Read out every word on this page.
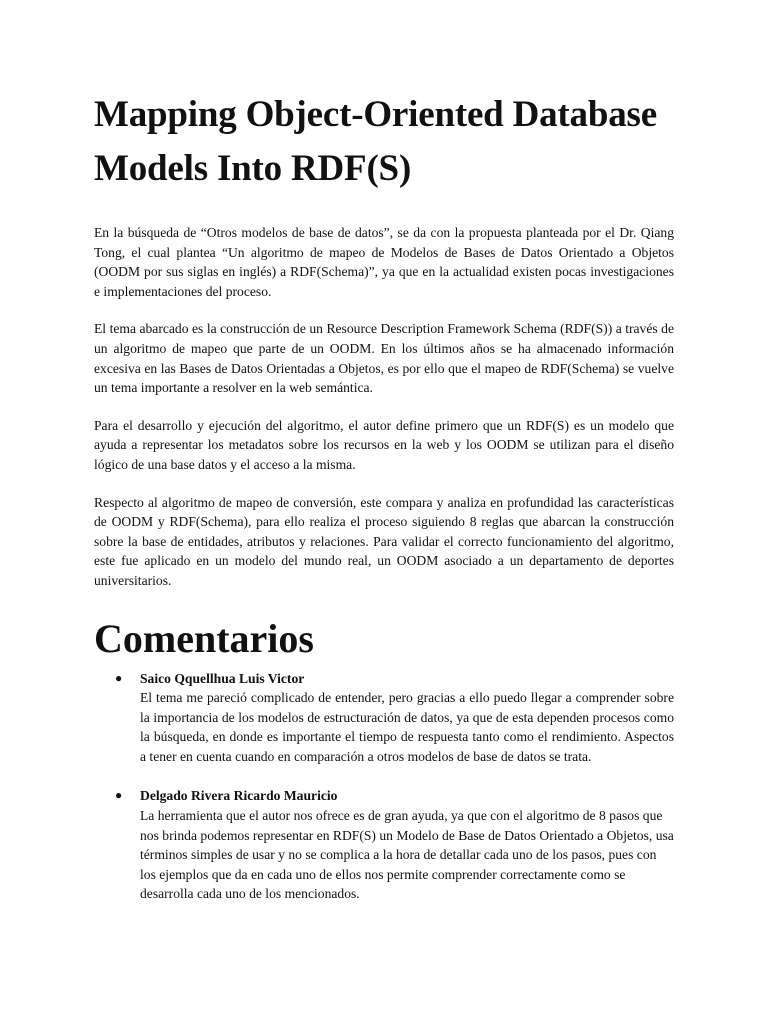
Mapping Object-Oriented Database Models Into RDF(S)

En la búsqueda de “Otros modelos de base de datos”, se da con la propuesta planteada por el Dr. Qiang Tong, el cual plantea “Un algoritmo de mapeo de Modelos de Bases de Datos Orientado a Objetos (OODM por sus siglas en inglés) a RDF(Schema)”, ya que en la actualidad existen pocas investigaciones e implementaciones del proceso.

El tema abarcado es la construcción de un Resource Description Framework Schema (RDF(S)) a través de un algoritmo de mapeo que parte de un OODM. En los últimos años se ha almacenado información excesiva en las Bases de Datos Orientadas a Objetos, es por ello que el mapeo de RDF(Schema) se vuelve un tema importante a resolver en la web semántica.

Para el desarrollo y ejecución del algoritmo, el autor define primero que un RDF(S) es un modelo que ayuda a representar los metadatos sobre los recursos en la web y los OODM se utilizan para el diseño lógico de una base datos y el acceso a la misma.

Respecto al algoritmo de mapeo de conversión, este compara y analiza en profundidad las características de OODM y RDF(Schema), para ello realiza el proceso siguiendo 8 reglas que abarcan la construcción sobre la base de entidades, atributos y relaciones. Para validar el correcto funcionamiento del algoritmo, este fue aplicado en un modelo del mundo real, un OODM asociado a un departamento de deportes universitarios.

Comentarios
● Saico Qquellhua Luis Victor
El tema me pareció complicado de entender, pero gracias a ello puedo llegar a comprender sobre la importancia de los modelos de estructuración de datos, ya que de esta dependen procesos como la búsqueda, en donde es importante el tiempo de respuesta tanto como el rendimiento. Aspectos a tener en cuenta cuando en comparación a otros modelos de base de datos se trata.
● Delgado Rivera Ricardo Mauricio
La herramienta que el autor nos ofrece es de gran ayuda, ya que con el algoritmo de 8 pasos que nos brinda podemos representar en RDF(S) un Modelo de Base de Datos Orientado a Objetos, usa términos simples de usar y no se complica a la hora de detallar cada uno de los pasos, pues con los ejemplos que da en cada uno de ellos nos permite comprender correctamente como se desarrolla cada uno de los mencionados.
